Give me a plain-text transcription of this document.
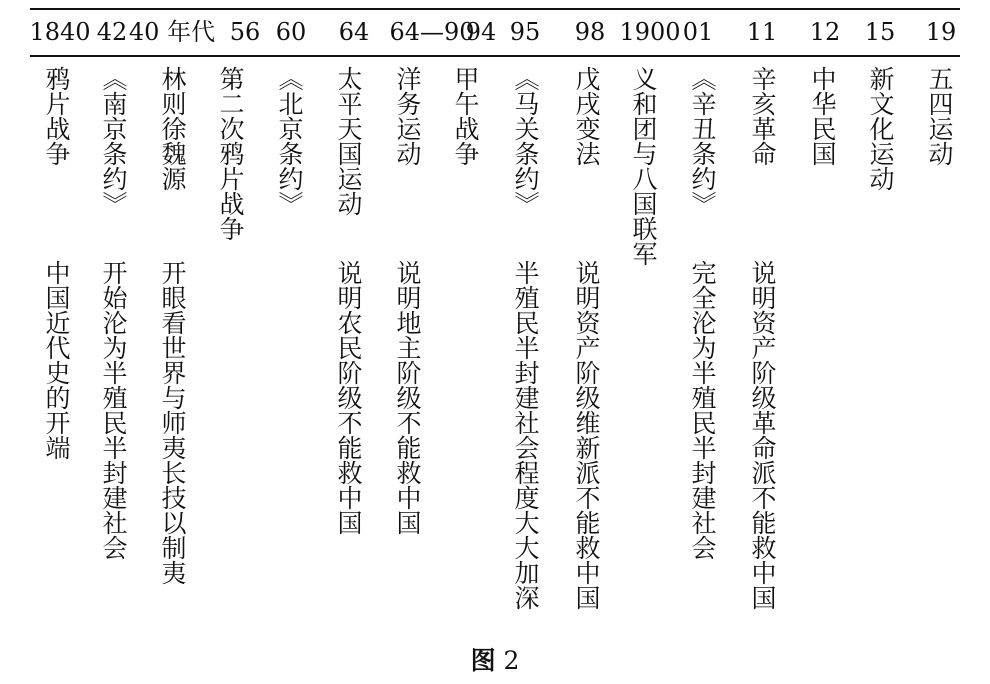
鸦片战争
中国近代史的开端
《南京条约》
开始沦为半殖民半封建社会
林则徐魏源
开眼看世界与师夷长技以制夷
第二次鸦片战争 《北京条约》 太平天国运动
说明农民阶级不能救中国
洋务运动
说明地主阶级不能救中国
甲午战争 《马关条约》
半殖民半封建社会程度大大加深
戊戌变法
说明资产阶级维新派不能救中国
义和团与八国联军 《辛丑条约》
完全沦为半殖民半封建社会
辛亥革命
说明资产阶级革命派不能救中国
中华民国 新文化运动 五四运动
1840 42 40 年代 56 60 64 64—90
94 95 98 1900 01 11 12 15 19
图 2
